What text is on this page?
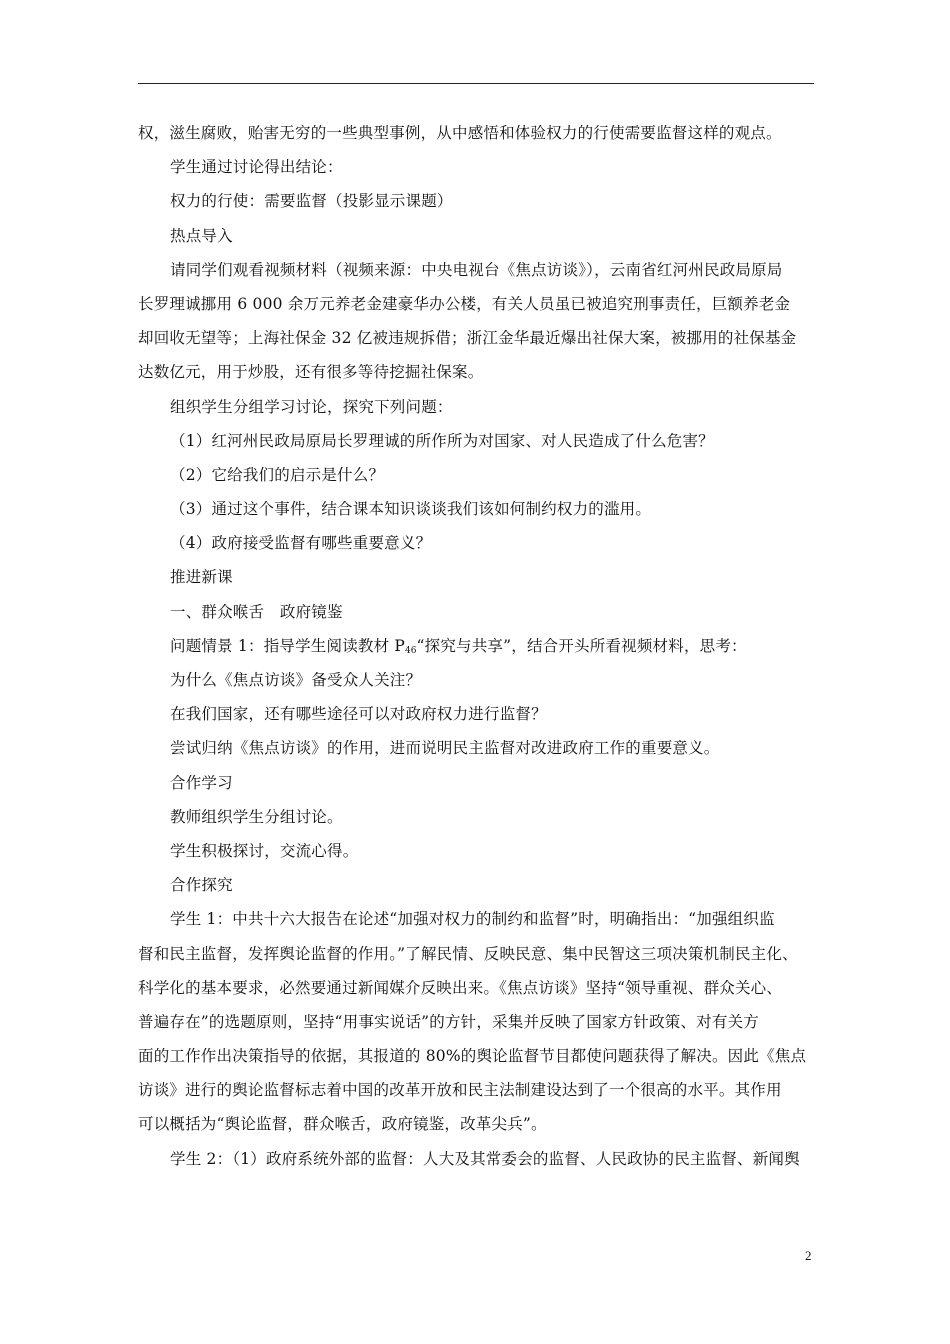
权，滋生腐败，贻害无穷的一些典型事例，从中感悟和体验权力的行使需要监督这样的观点。
学生通过讨论得出结论：
权力的行使：需要监督（投影显示课题）
热点导入
请同学们观看视频材料（视频来源：中央电视台《焦点访谈》），云南省红河州民政局原局
长罗理诚挪用 6 000 余万元养老金建豪华办公楼，有关人员虽已被追究刑事责任，巨额养老金
却回收无望等；上海社保金 32 亿被违规拆借；浙江金华最近爆出社保大案，被挪用的社保基金
达数亿元，用于炒股，还有很多等待挖掘社保案。
组织学生分组学习讨论，探究下列问题：
（1）红河州民政局原局长罗理诚的所作所为对国家、对人民造成了什么危害？
（2）它给我们的启示是什么？
（3）通过这个事件，结合课本知识谈谈我们该如何制约权力的滥用。
（4）政府接受监督有哪些重要意义？
推进新课
一、群众喉舌　政府镜鉴
问题情景 1：指导学生阅读教材 $P_{46}“$探究与共享”，结合开头所看视频材料，思考：
为什么《焦点访谈》备受众人关注？
在我们国家，还有哪些途径可以对政府权力进行监督？
尝试归纳《焦点访谈》的作用，进而说明民主监督对改进政府工作的重要意义。
合作学习
教师组织学生分组讨论。
学生积极探讨，交流心得。
合作探究
学生 1：中共十六大报告在论述“加强对权力的制约和监督”时，明确指出：“加强组织监
督和民主监督，发挥舆论监督的作用。”了解民情、反映民意、集中民智这三项决策机制民主化、
科学化的基本要求，必然要通过新闻媒介反映出来。《焦点访谈》坚持“领导重视、群众关心、
普遍存在”的选题原则，坚持“用事实说话”的方针，采集并反映了国家方针政策、对有关方
面的工作作出决策指导的依据，其报道的 80%的舆论监督节目都使问题获得了解决。因此《焦点
访谈》进行的舆论监督标志着中国的改革开放和民主法制建设达到了一个很高的水平。其作用
可以概括为“舆论监督，群众喉舌，政府镜鉴，改革尖兵”。
学生 2：（1）政府系统外部的监督：人大及其常委会的监督、人民政协的民主监督、新闻舆
2
